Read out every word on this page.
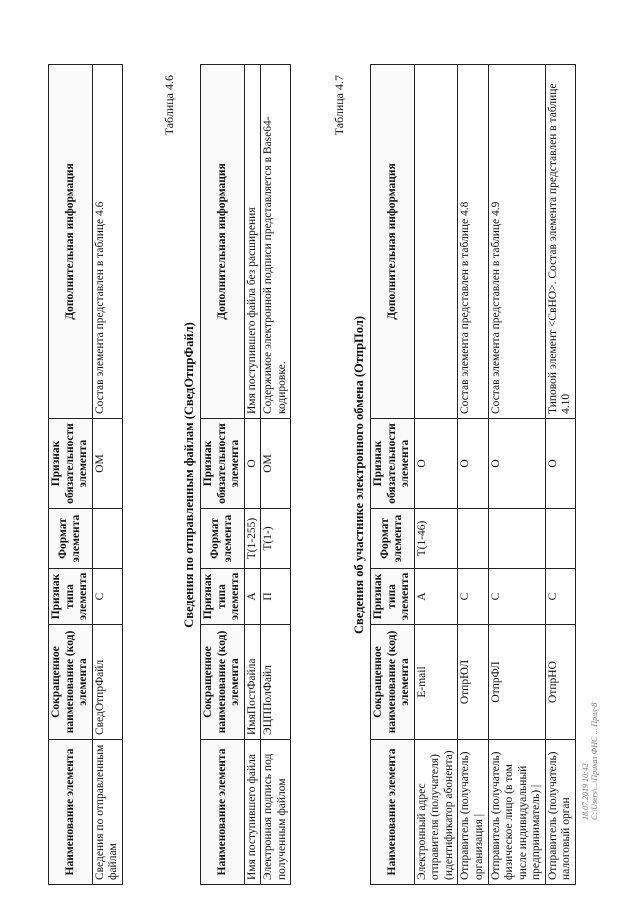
Наименование элемента	Сокращенное наименование (код) элемента	Признак типа элемента	Формат элемента	Признак обязательности элемента	Дополнительная информация
Сведения по отправленным файлам	СведОтпрФайл	С		ОМ	Состав элемента представлен в таблице 4.6
Таблица 4.6
Сведения по отправленным файлам (СведОтпрФайл)
Наименование элемента	Сокращенное наименование (код) элемента	Признак типа элемента	Формат элемента	Признак обязательности элемента	Дополнительная информация
Имя поступившего файла	ИмяПостФайла	А	T(1-255)	О	Имя поступившего файла без расширения
Электронная подпись под полученным файлом	ЭЦППолФайл	П	T(1-)	ОМ	Содержимое электронной подписи представляется в Base64-кодировке.
Таблица 4.7
Сведения об участнике электронного обмена (ОтпрПол)
Наименование элемента	Сокращенное наименование (код) элемента	Признак типа элемента	Формат элемента	Признак обязательности элемента	Дополнительная информация
Электронный адрес отправителя (получателя) (идентификатор абонента)	E-mail	А	T(1-46)	О	
Отправитель (получатель) организация |	ОтпрЮЛ	С		О	Состав элемента представлен в таблице 4.8
Отправитель (получатель) физическое лицо (в том числе индивидуальный предприниматель) |	ОтпрФЛ	С		О	Состав элемента представлен в таблице 4.9
Отправитель (получатель) налоговый орган	ОтпрНО	С		О	Типовой элемент <СвНО>. Состав элемента представлен в таблице 4.10
18.07.2019 10:42 С:\Users\...\Приказ ФНС ... Прил-8
